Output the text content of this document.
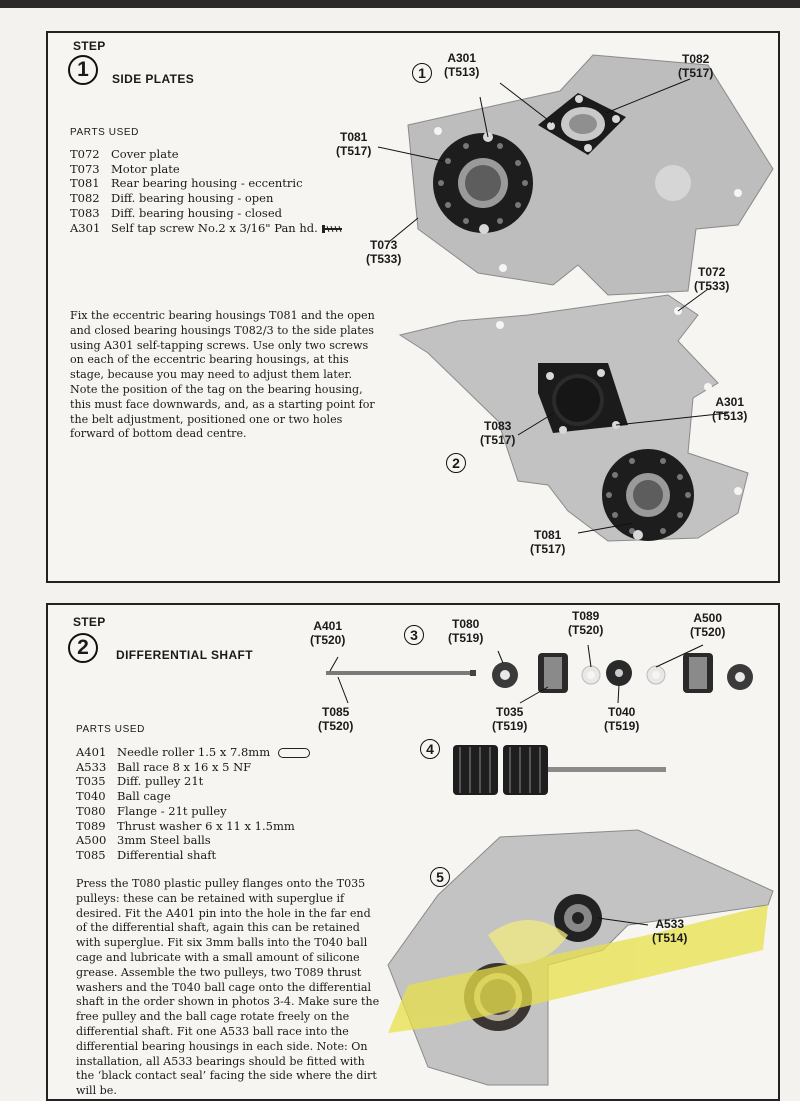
STEP
1	SIDE PLATES
PARTS USED
T072 Cover plate
T073 Motor plate
T081 Rear bearing housing - eccentric
T082 Diff. bearing housing - open
T083 Diff. bearing housing - closed
A301 Self tap screw No.2 x 3/16" Pan hd.
Fix the eccentric bearing housings T081 and the open and closed bearing housings T082/3 to the side plates using A301 self-tapping screws. Use only two screws on each of the eccentric bearing housings, at this stage, because you may need to adjust them later. Note the position of the tag on the bearing housing, this must face downwards, and, as a starting point for the belt adjustment, positioned one or two holes forward of bottom dead centre.
1
2
A301
(T513)
T082
(T517)
T081
(T517)
T073
(T533)
T072
(T533)
A301
(T513)
T083
(T517)
T081
(T517)
STEP
2	DIFFERENTIAL SHAFT
PARTS USED
A401 Needle roller 1.5 x 7.8mm
A533 Ball race 8 x 16 x 5 NF
T035 Diff. pulley 21t
T040 Ball cage
T080 Flange - 21t pulley
T089 Thrust washer 6 x 11 x 1.5mm
A500 3mm Steel balls
T085 Differential shaft
Press the T080 plastic pulley flanges onto the T035 pulleys: these can be retained with superglue if desired. Fit the A401 pin into the hole in the far end of the differential shaft, again this can be retained with superglue. Fit six 3mm balls into the T040 ball cage and lubricate with a small amount of silicone grease. Assemble the two pulleys, two T089 thrust washers and the T040 ball cage onto the differential shaft in the order shown in photos 3-4. Make sure the free pulley and the ball cage rotate freely on the differential shaft. Fit one A533 ball race into the differential bearing housings in each side. Note: On installation, all A533 bearings should be fitted with the ‘black contact seal’ facing the side where the dirt will be.
3
4
5
A401
(T520)
T080
(T519)
T089
(T520)
A500
(T520)
T085
(T520)
T035
(T519)
T040
(T519)
A533
(T514)
